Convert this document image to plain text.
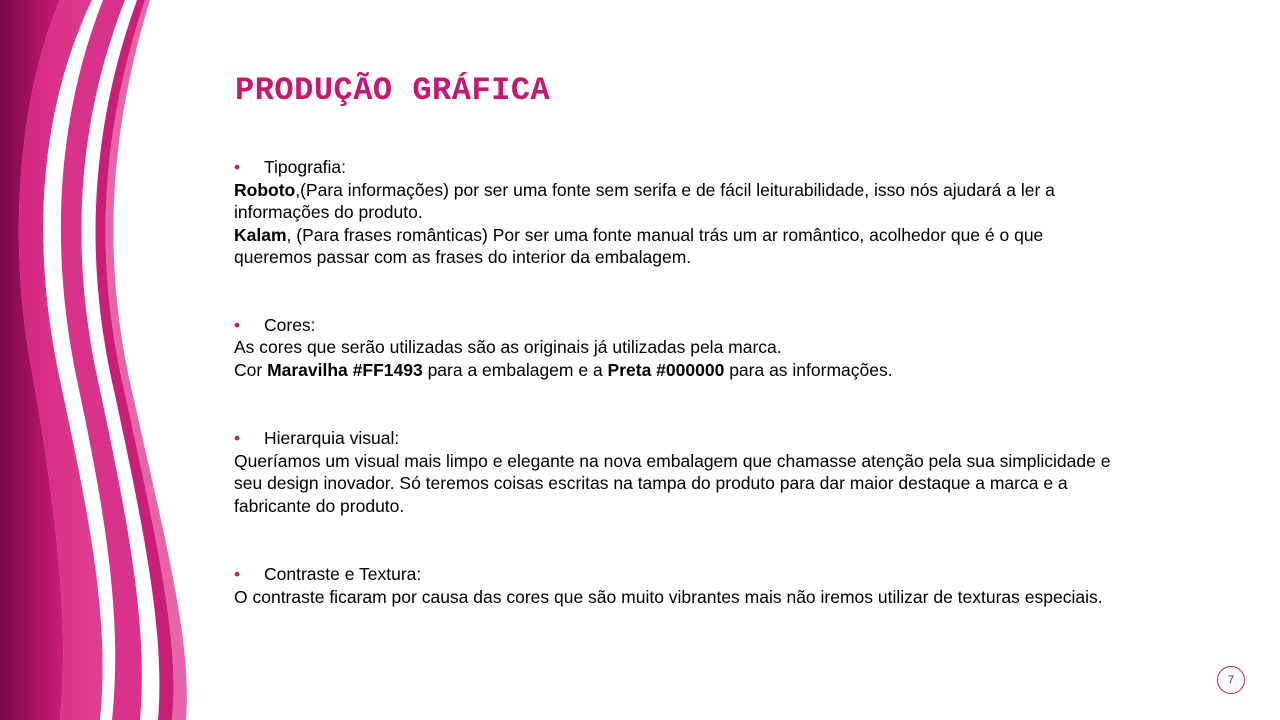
PRODUÇÃO GRÁFICA
• Tipografia:
Roboto,(Para informações) por ser uma fonte sem serifa e de fácil leiturabilidade, isso nós ajudará a ler a
informações do produto.
Kalam, (Para frases românticas) Por ser uma fonte manual trás um ar romântico, acolhedor que é o que
queremos passar com as frases do interior da embalagem.
• Cores:
As cores que serão utilizadas são as originais já utilizadas pela marca.
Cor Maravilha #FF1493 para a embalagem e a Preta #000000 para as informações.
• Hierarquia visual:
Queríamos um visual mais limpo e elegante na nova embalagem que chamasse atenção pela sua simplicidade e
seu design inovador. Só teremos coisas escritas na tampa do produto para dar maior destaque a marca e a
fabricante do produto.
• Contraste e Textura:
O contraste ficaram por causa das cores que são muito vibrantes mais não iremos utilizar de texturas especiais.
7
